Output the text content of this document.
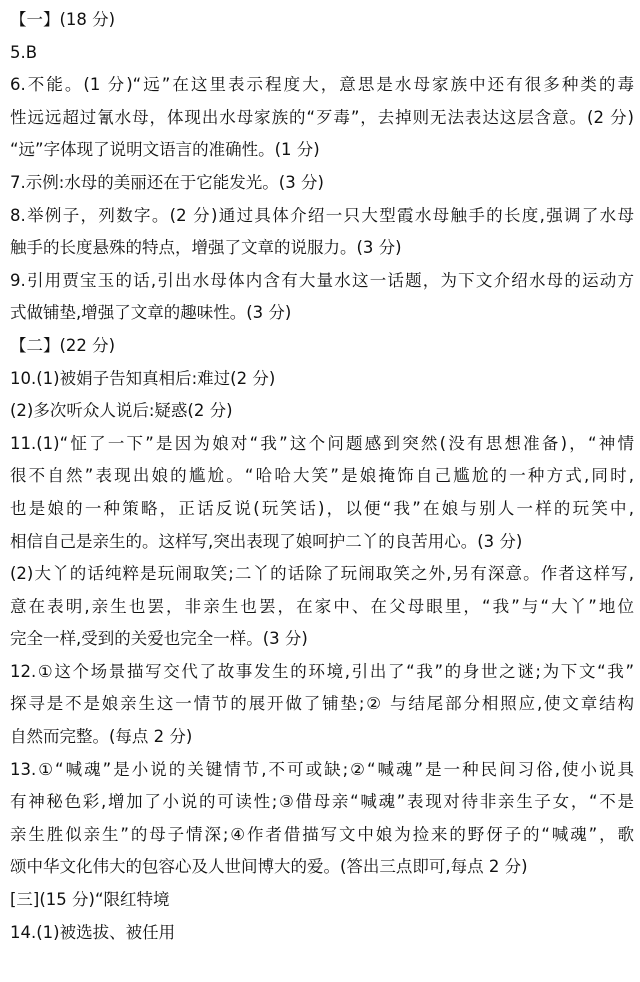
【一】(18 分)
5.B
6.不能。(1 分)“远”在这里表示程度大，意思是水母家族中还有很多种类的毒
性远远超过氰水母，体现出水母家族的“歹毒”，去掉则无法表达这层含意。(2 分)
“远”字体现了说明文语言的准确性。(1 分)
7.示例:水母的美丽还在于它能发光。(3 分)
8.举例子，列数字。(2 分)通过具体介绍一只大型霞水母触手的长度,强调了水母
触手的长度悬殊的特点，增强了文章的说服力。(3 分)
9.引用贾宝玉的话,引出水母体内含有大量水这一话题，为下文介绍水母的运动方
式做铺垫,增强了文章的趣味性。(3 分)
【二】(22 分)
10.(1)被娟子告知真相后:难过(2 分)
(2)多次听众人说后:疑惑(2 分)
11.(1)“怔了一下”是因为娘对“我”这个问题感到突然(没有思想准备)，“神情
很不自然”表现出娘的尴尬。“哈哈大笑”是娘掩饰自己尴尬的一种方式,同时,
也是娘的一种策略，正话反说(玩笑话)，以便“我”在娘与别人一样的玩笑中,
相信自己是亲生的。这样写,突出表现了娘呵护二丫的良苦用心。(3 分)
(2)大丫的话纯粹是玩闹取笑;二丫的话除了玩闹取笑之外,另有深意。作者这样写,
意在表明,亲生也罢，非亲生也罢，在家中、在父母眼里，“我”与“大丫”地位
完全一样,受到的关爱也完全一样。(3 分)
12.①这个场景描写交代了故事发生的环境,引出了“我”的身世之谜;为下文“我”
探寻是不是娘亲生这一情节的展开做了铺垫;② 与结尾部分相照应,使文章结构
自然而完整。(每点 2 分)
13.①“喊魂”是小说的关键情节,不可或缺;②“喊魂”是一种民间习俗,使小说具
有神秘色彩,增加了小说的可读性;③借母亲“喊魂”表现对待非亲生子女，“不是
亲生胜似亲生”的母子情深;④作者借描写文中娘为捡来的野伢子的“喊魂”，歌
颂中华文化伟大的包容心及人世间博大的爱。(答出三点即可,每点 2 分)
[三](15 分)“限红特境
14.(1)被选拔、被任用
